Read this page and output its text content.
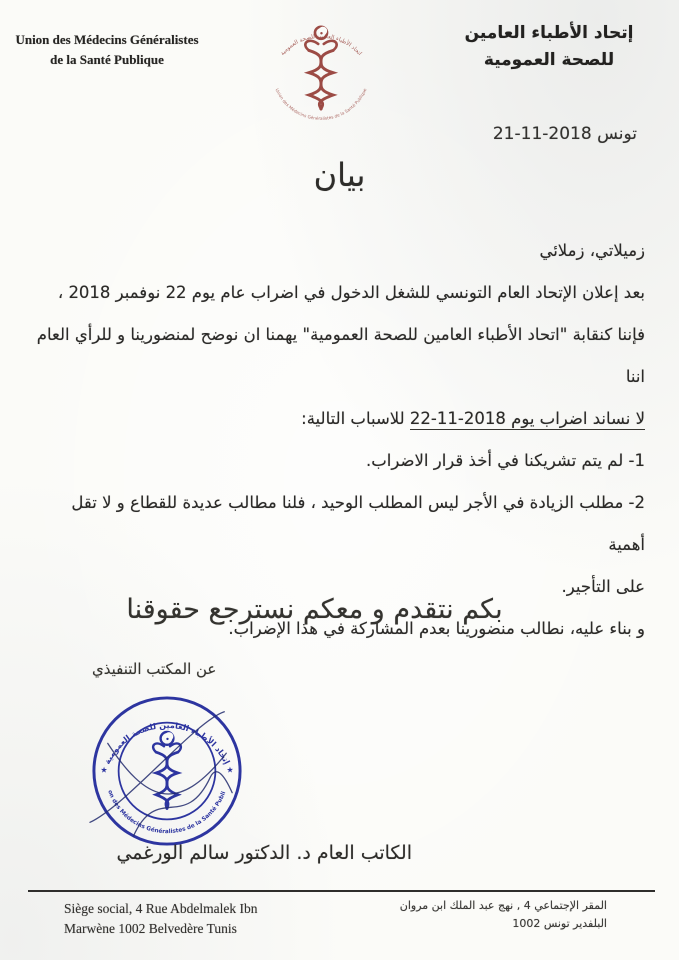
Union des Médecins Généralistes
de la Santé Publique	اتحاد الأطباء العامين للصحة العمومية
Union des Médecins Généralistes de la Santé Publique
إتحاد الأطباء العامين
للصحة العمومية
تونس 2018-11-21
بيان
زميلاتي، زملائي
بعد إعلان الإتحاد العام التونسي للشغل الدخول في اضراب عام يوم 22 نوفمبر 2018 ،
فإننا كنقابة "اتحاد الأطباء العامين للصحة العمومية" يهمنا ان نوضح لمنضورينا و للرأي العام اننا
لا نساند اضراب يوم 2018-11-22 للاسباب التالية:
1- لم يتم تشريكنا في أخذ قرار الاضراب.
2- مطلب الزيادة في الأجر ليس المطلب الوحيد ، فلنا مطالب عديدة للقطاع و لا تقل أهمية
على التأجير.
و بناء عليه، نطالب منضورينا بعدم المشاركة في هذا الإضراب.
بكم نتقدم و معكم نسترجع حقوقنا
عن المكتب التنفيذي
★ إتحاد الأطباء العامين للصحة العمومية ★
Union des Médecins Généralistes de la Santé Publique
الكاتب العام د. الدكتور سالم الورغمي
Siège social, 4 Rue Abdelmalek Ibn
Marwène 1002 Belvedère Tunis
المقر الإجتماعي 4 , نهج عبد الملك ابن مروان
1002 البلفدير تونس
